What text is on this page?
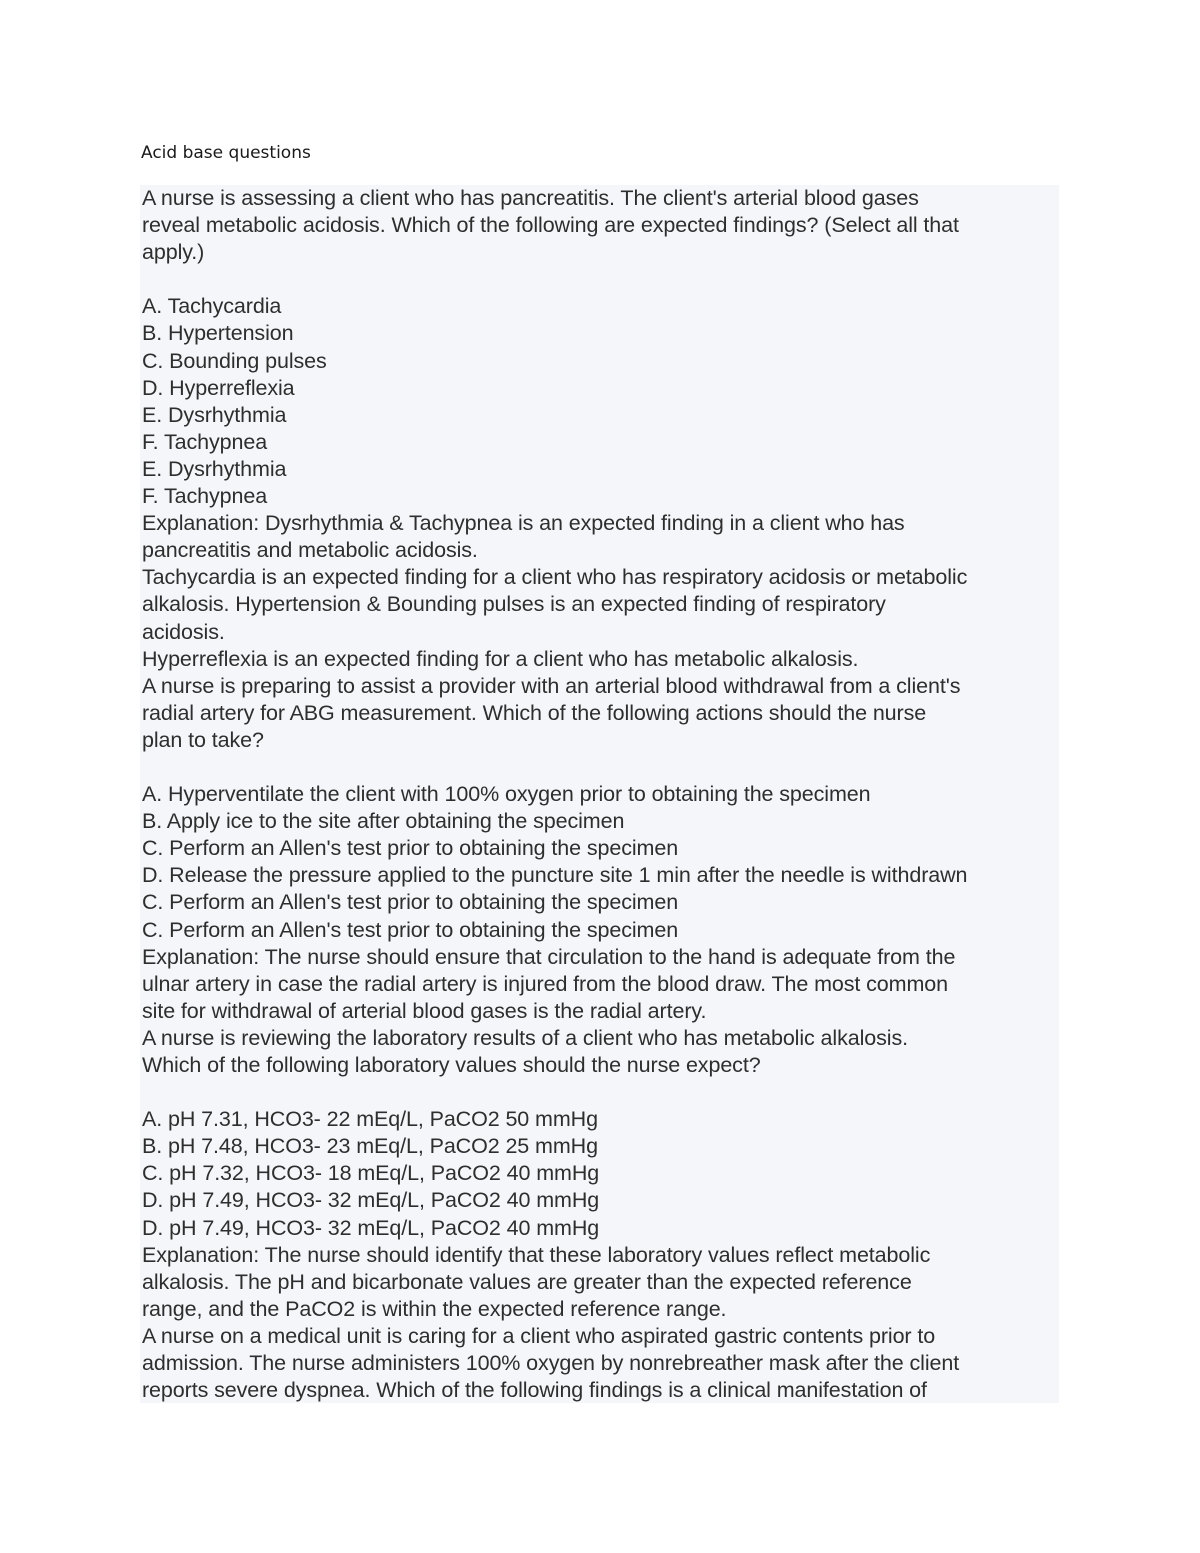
Acid base questions
A nurse is assessing a client who has pancreatitis. The client's arterial blood gases
reveal metabolic acidosis. Which of the following are expected findings? (Select all that
apply.)
A. Tachycardia
B. Hypertension
C. Bounding pulses
D. Hyperreflexia
E. Dysrhythmia
F. Tachypnea
E. Dysrhythmia
F. Tachypnea
Explanation: Dysrhythmia & Tachypnea is an expected finding in a client who has
pancreatitis and metabolic acidosis.
Tachycardia is an expected finding for a client who has respiratory acidosis or metabolic
alkalosis. Hypertension & Bounding pulses is an expected finding of respiratory
acidosis.
Hyperreflexia is an expected finding for a client who has metabolic alkalosis.
A nurse is preparing to assist a provider with an arterial blood withdrawal from a client's
radial artery for ABG measurement. Which of the following actions should the nurse
plan to take?
A. Hyperventilate the client with 100% oxygen prior to obtaining the specimen
B. Apply ice to the site after obtaining the specimen
C. Perform an Allen's test prior to obtaining the specimen
D. Release the pressure applied to the puncture site 1 min after the needle is withdrawn
C. Perform an Allen's test prior to obtaining the specimen
C. Perform an Allen's test prior to obtaining the specimen
Explanation: The nurse should ensure that circulation to the hand is adequate from the
ulnar artery in case the radial artery is injured from the blood draw. The most common
site for withdrawal of arterial blood gases is the radial artery.
A nurse is reviewing the laboratory results of a client who has metabolic alkalosis.
Which of the following laboratory values should the nurse expect?
A. pH 7.31, HCO3- 22 mEq/L, PaCO2 50 mmHg
B. pH 7.48, HCO3- 23 mEq/L, PaCO2 25 mmHg
C. pH 7.32, HCO3- 18 mEq/L, PaCO2 40 mmHg
D. pH 7.49, HCO3- 32 mEq/L, PaCO2 40 mmHg
D. pH 7.49, HCO3- 32 mEq/L, PaCO2 40 mmHg
Explanation: The nurse should identify that these laboratory values reflect metabolic
alkalosis. The pH and bicarbonate values are greater than the expected reference
range, and the PaCO2 is within the expected reference range.
A nurse on a medical unit is caring for a client who aspirated gastric contents prior to
admission. The nurse administers 100% oxygen by nonrebreather mask after the client
reports severe dyspnea. Which of the following findings is a clinical manifestation of
